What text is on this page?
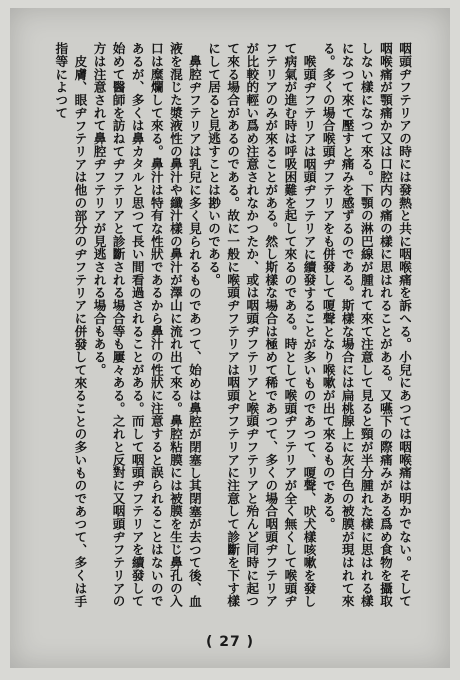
咽頭ヂフテリアの時には發熱と共に咽喉痛を訴へる。小兒にあつては咽喉痛は明かでない。そして咽喉痛が顎痛か又は口腔内の痛の樣に思はれることがある。又嚥下の際痛みがある爲め食物を攝取しない樣になつて來る。下顎の淋巴線が腫れて來て注意して見ると頸が半分腫れた樣に思はれる樣になつて來て壓すと痛みを感ずるのである。斯樣な場合には扁桃腺上に灰白色の被膜が現はれて來る。多くの場合喉頭ヂフテリアをも併發して嗄聲となり喉嗽が出て來るものである。

喉頭ヂフテリアは咽頭ヂフテリアに續發することが多いものであつて、嗄聲、吠犬樣咳嗽を發して病氣が進む時は呼吸困難を起して來るのである。時として喉頭ヂフテリアが全く無くして喉頭ヂフテリアのみが來ることがある。然し斯樣な場合は極めて稀であつて、多くの場合咽頭ヂフテリアが比較的輕い爲め注意されなかつたか、或は咽頭ヂフテリアと喉頭ヂフテリアと殆んど同時に起つて來る場合があるのである。故に一般に喉頭ヂフテリアは咽頭ヂフテリアに注意して診斷を下す樣にして居ると見逃すことは尠いのである。

鼻腔ヂフテリアは乳兒に多く見られるものであつて、始めは鼻腔が閉塞し其閉塞が去つて後、血液を混じた漿液性の鼻汁や纖汁樣の鼻汁が澤山に流れ出て來る。鼻腔粘膜には被膜を生じ鼻孔の入口は糜爛して來る。鼻汁は特有な性狀であるから鼻汁の性狀に注意すると誤られることはないのであるが、多くは鼻カタルと思つて長い間看過されることがある。而して咽頭ヂフテリアを續發して始めて醫師を訪ねてヂフテリアと診斷される場合等も屢々ある。之れと反對に又咽頭ヂフテリアの方は注意されて鼻腔ヂフテリアが見逃される場合もある。

皮膚、眼ヂフテリアは他の部分のヂフテリアに併發して來ることの多いものであつて、多くは手指等によつて

( 27 )
